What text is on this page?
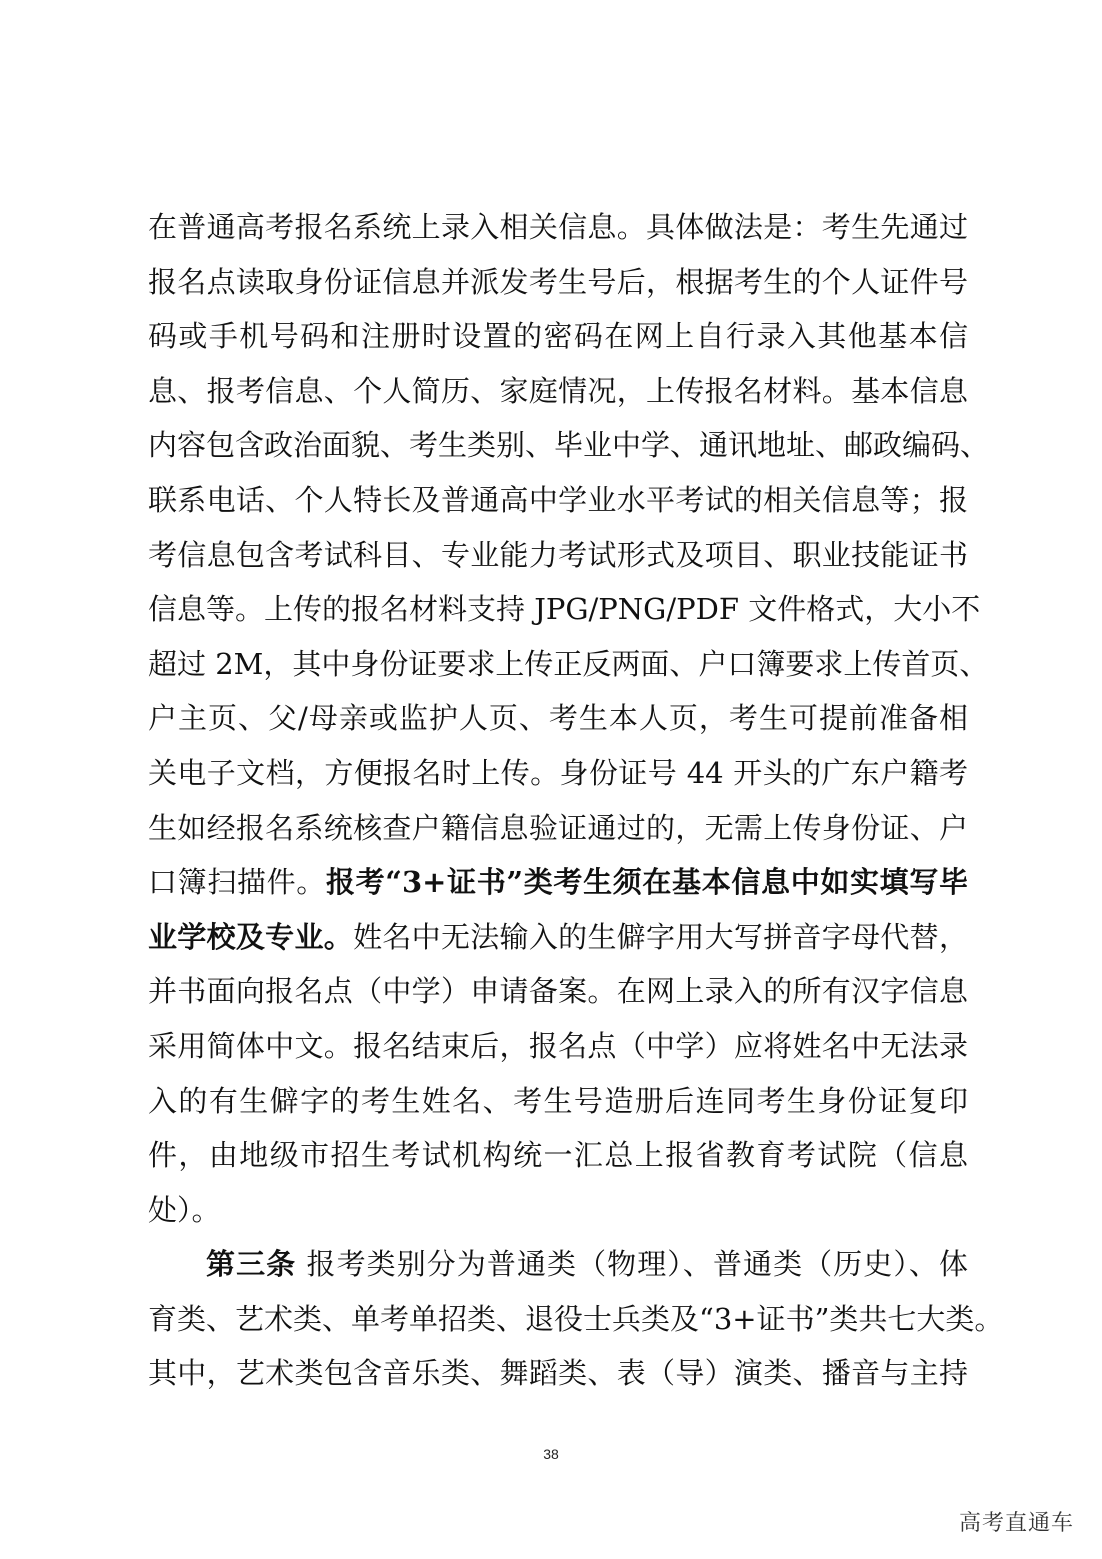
在普通高考报名系统上录入相关信息。具体做法是：考生先通过
报名点读取身份证信息并派发考生号后，根据考生的个人证件号
码或手机号码和注册时设置的密码在网上自行录入其他基本信
息、报考信息、个人简历、家庭情况，上传报名材料。基本信息
内容包含政治面貌、考生类别、毕业中学、通讯地址、邮政编码、
联系电话、个人特长及普通高中学业水平考试的相关信息等；报
考信息包含考试科目、专业能力考试形式及项目、职业技能证书
信息等。上传的报名材料支持 JPG/PNG/PDF 文件格式，大小不
超过 2M，其中身份证要求上传正反两面、户口簿要求上传首页、
户主页、父/母亲或监护人页、考生本人页，考生可提前准备相
关电子文档，方便报名时上传。身份证号 44 开头的广东户籍考
生如经报名系统核查户籍信息验证通过的，无需上传身份证、户
口簿扫描件。报考“3+证书”类考生须在基本信息中如实填写毕
业学校及专业。姓名中无法输入的生僻字用大写拼音字母代替，
并书面向报名点（中学）申请备案。在网上录入的所有汉字信息
采用简体中文。报名结束后，报名点（中学）应将姓名中无法录
入的有生僻字的考生姓名、考生号造册后连同考生身份证复印
件，由地级市招生考试机构统一汇总上报省教育考试院（信息
处）。
第三条 报考类别分为普通类（物理）、普通类（历史）、体
育类、艺术类、单考单招类、退役士兵类及“3+证书”类共七大类。
其中，艺术类包含音乐类、舞蹈类、表（导）演类、播音与主持
38
高考直通车
